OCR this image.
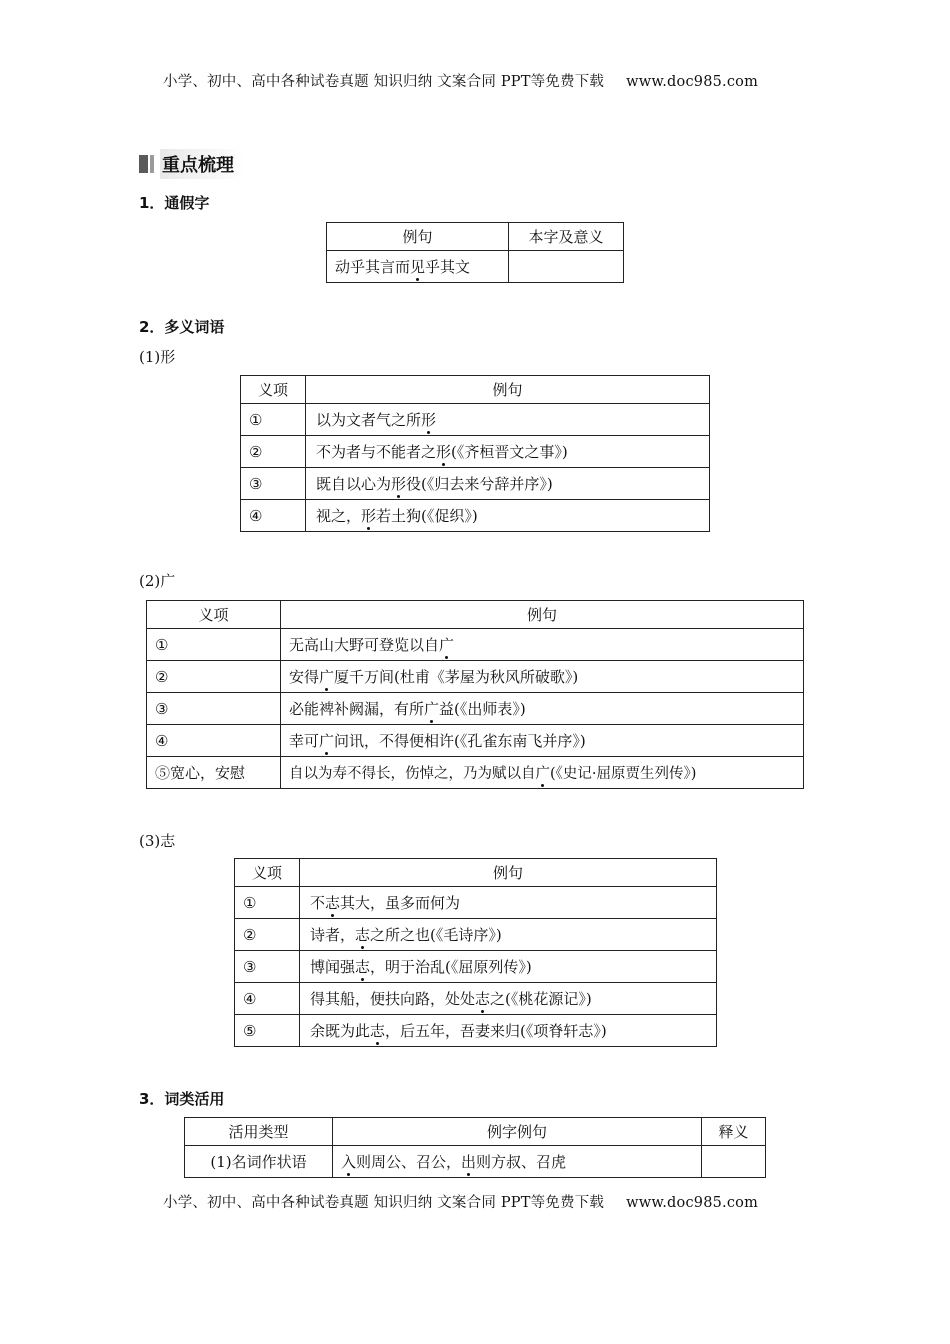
小学、初中、高中各种试卷真题 知识归纳 文案合同 PPT等免费下载 www.doc985.com
重点梳理
1．通假字
例句	本字及意义
动乎其言而见乎其文	
2．多义词语
(1)形
义项	例句
①	以为文者气之所形
②	不为者与不能者之形(《齐桓晋文之事》)
③	既自以心为形役(《归去来兮辞并序》)
④	视之，形若土狗(《促织》)
(2)广
义项	例句
①	无高山大野可登览以自广
②	安得广厦千万间(杜甫《茅屋为秋风所破歌》)
③	必能裨补阙漏，有所广益(《出师表》)
④	幸可广问讯，不得便相许(《孔雀东南飞并序》)
⑤宽心，安慰	自以为寿不得长，伤悼之，乃为赋以自广(《史记·屈原贾生列传》)
(3)志
义项	例句
①	不志其大，虽多而何为
②	诗者，志之所之也(《毛诗序》)
③	博闻强志，明于治乱(《屈原列传》)
④	得其船，便扶向路，处处志之(《桃花源记》)
⑤	余既为此志，后五年，吾妻来归(《项脊轩志》)
3．词类活用
活用类型	例字例句	释义
(1)名词作状语	入则周公、召公，出则方叔、召虎	
小学、初中、高中各种试卷真题 知识归纳 文案合同 PPT等免费下载 www.doc985.com
